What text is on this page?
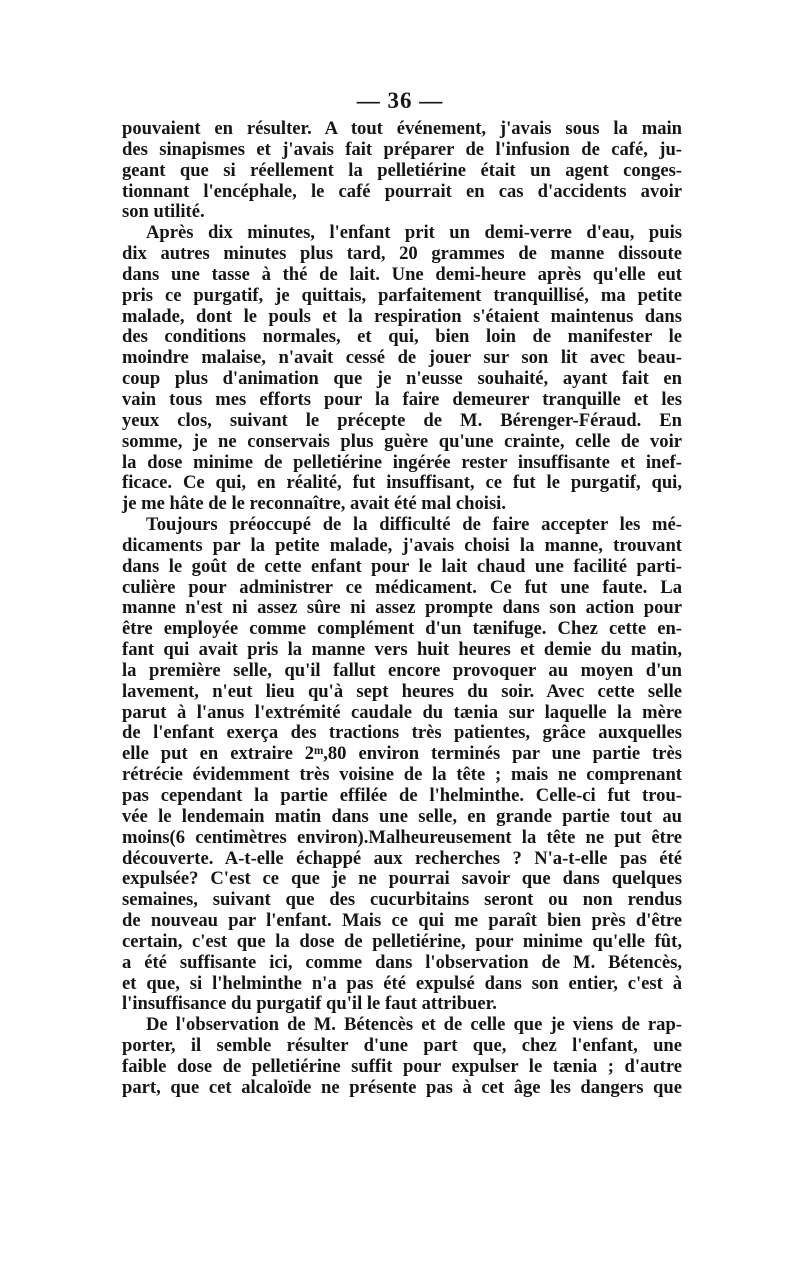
— 36 —
pouvaient en résulter. A tout événement, j'avais sous la main
des sinapismes et j'avais fait préparer de l'infusion de café, ju-
geant que si réellement la pelletiérine était un agent conges-
tionnant l'encéphale, le café pourrait en cas d'accidents avoir
son utilité.
Après dix minutes, l'enfant prit un demi-verre d'eau, puis
dix autres minutes plus tard, 20 grammes de manne dissoute
dans une tasse à thé de lait. Une demi-heure après qu'elle eut
pris ce purgatif, je quittais, parfaitement tranquillisé, ma petite
malade, dont le pouls et la respiration s'étaient maintenus dans
des conditions normales, et qui, bien loin de manifester le
moindre malaise, n'avait cessé de jouer sur son lit avec beau-
coup plus d'animation que je n'eusse souhaité, ayant fait en
vain tous mes efforts pour la faire demeurer tranquille et les
yeux clos, suivant le précepte de M. Bérenger-Féraud. En
somme, je ne conservais plus guère qu'une crainte, celle de voir
la dose minime de pelletiérine ingérée rester insuffisante et inef-
ficace. Ce qui, en réalité, fut insuffisant, ce fut le purgatif, qui,
je me hâte de le reconnaître, avait été mal choisi.
Toujours préoccupé de la difficulté de faire accepter les mé-
dicaments par la petite malade, j'avais choisi la manne, trouvant
dans le goût de cette enfant pour le lait chaud une facilité parti-
culière pour administrer ce médicament. Ce fut une faute. La
manne n'est ni assez sûre ni assez prompte dans son action pour
être employée comme complément d'un tænifuge. Chez cette en-
fant qui avait pris la manne vers huit heures et demie du matin,
la première selle, qu'il fallut encore provoquer au moyen d'un
lavement, n'eut lieu qu'à sept heures du soir. Avec cette selle
parut à l'anus l'extrémité caudale du tænia sur laquelle la mère
de l'enfant exerça des tractions très patientes, grâce auxquelles
elle put en extraire 2ᵐ,80 environ terminés par une partie très
rétrécie évidemment très voisine de la tête ; mais ne comprenant
pas cependant la partie effilée de l'helminthe. Celle-ci fut trou-
vée le lendemain matin dans une selle, en grande partie tout au
moins(6 centimètres environ).Malheureusement la tête ne put être
découverte. A-t-elle échappé aux recherches ? N'a-t-elle pas été
expulsée? C'est ce que je ne pourrai savoir que dans quelques
semaines, suivant que des cucurbitains seront ou non rendus
de nouveau par l'enfant. Mais ce qui me paraît bien près d'être
certain, c'est que la dose de pelletiérine, pour minime qu'elle fût,
a été suffisante ici, comme dans l'observation de M. Bétencès,
et que, si l'helminthe n'a pas été expulsé dans son entier, c'est à
l'insuffisance du purgatif qu'il le faut attribuer.
De l'observation de M. Bétencès et de celle que je viens de rap-
porter, il semble résulter d'une part que, chez l'enfant, une
faible dose de pelletiérine suffit pour expulser le tænia ; d'autre
part, que cet alcaloïde ne présente pas à cet âge les dangers que
